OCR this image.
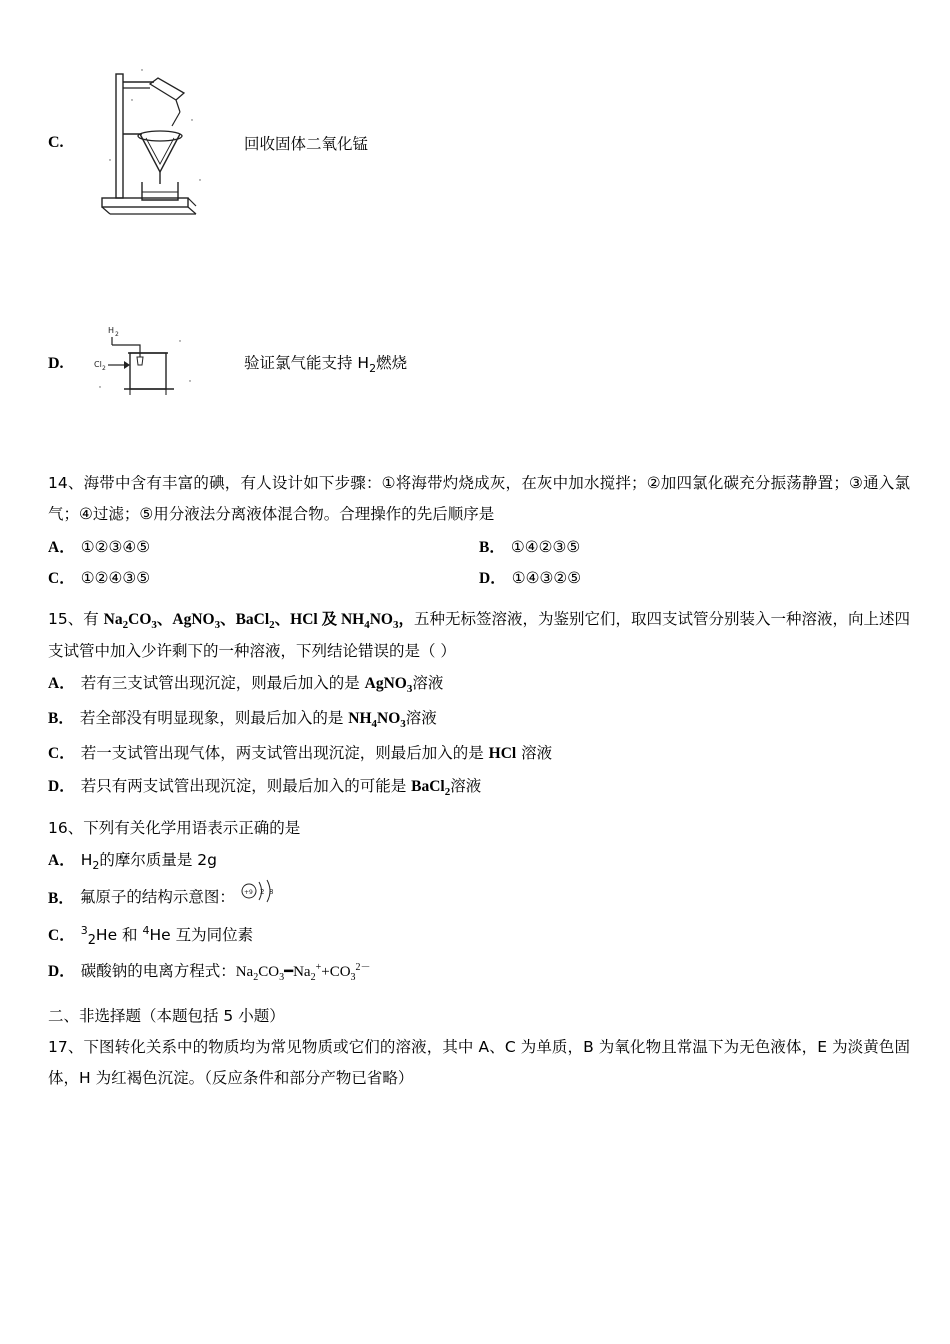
C.	回收固体二氧化锰
D.
H 2
Cl 2	验证氯气能支持 $H_2$燃烧
14、海带中含有丰富的碘，有人设计如下步骤：①将海带灼烧成灰，在灰中加水搅拌；②加四氯化碳充分振荡静置；③通入氯气；④过滤；⑤用分液法分离液体混合物。合理操作的先后顺序是
A． ①②③④⑤	B． ①④②③⑤
C． ①②④③⑤	D． ①④③②⑤
15、有 $Na_2CO_3$、AgNO$_3$、BaCl$_2$、HCl 及 $NH_4NO_3$，五种无标签溶液，为鉴别它们，取四支试管分别装入一种溶液，向上述四支试管中加入少许剩下的一种溶液，下列结论错误的是（ ）
A． 若有三支试管出现沉淀，则最后加入的是 AgNO$_3$溶液
B． 若全部没有明显现象，则最后加入的是 $NH_4NO_3$溶液
C． 若一支试管出现气体，两支试管出现沉淀，则最后加入的是 HCl 溶液
D． 若只有两支试管出现沉淀，则最后加入的可能是 BaCl$_2$溶液
16、下列有关化学用语表示正确的是
A． $H_2$的摩尔质量是 2g
B． 氟原子的结构示意图： +9 2 8
C． $^3_2$He 和 $^4$He 互为同位素
D． 碳酸钠的电离方程式：$Na_2CO_3━Na_2^++CO_3^{2-}$
二、非选择题（本题包括 5 小题）
17、下图转化关系中的物质均为常见物质或它们的溶液，其中 A、C 为单质，B 为氧化物且常温下为无色液体，E 为淡黄色固体，H 为红褐色沉淀。（反应条件和部分产物已省略）
